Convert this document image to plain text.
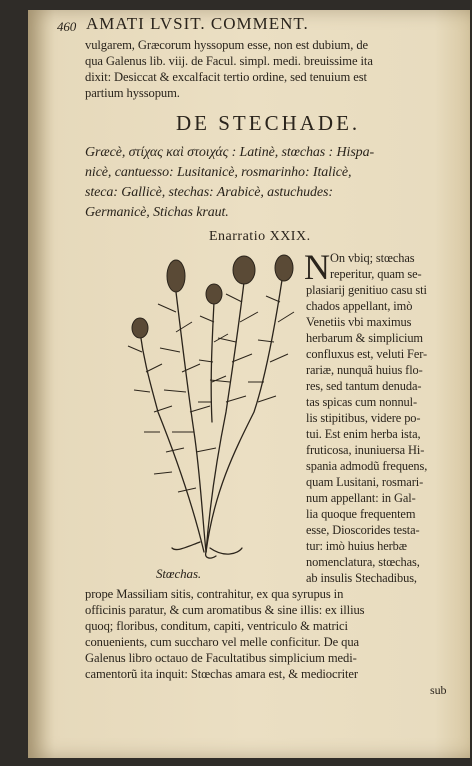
460 AMATI LVSIT. COMMENT.
vulgarem, Græcorum hyssopum esse, non est dubium, de
qua Galenus lib. viij. de Facul. simpl. medi. breuissime ita
dixit: Desiccat & excalfacit tertio ordine, sed tenuium est
partium hyssopum.
DE STECHADE.
Græcè, στίχας καὶ στοιχάς : Latinè, stœchas : Hispa-
nicè, cantuesso: Lusitanicè, rosmarinho: Italicè,
steca: Gallicè, stechas: Arabicè, astuchudes:
Germanicè, Stichas kraut.
Enarratio XXIX.
N On vbiq; stœchas
reperitur, quam se-
plasiarij genitiuo casu sti
chados appellant, imò
Venetiis vbi maximus
herbarum & simplicium
confluxus est, veluti Fer-
rariæ, nunquã huius flo-
res, sed tantum denuda-
tas spicas cum nonnul-
lis stipitibus, videre po-
tui. Est enim herba ista,
fruticosa, inuniuersa Hi-
spania admodũ frequens,
quam Lusitani, rosmari-
num appellant: in Gal-
lia quoque frequentem
esse, Dioscorides testa-
tur: imò huius herbæ
nomenclatura, stœchas,
ab insulis Stechadibus,
Stœchas.
prope Massiliam sitis, contrahitur, ex qua syrupus in
officinis paratur, & cum aromatibus & sine illis: ex illius
quoq; floribus, conditum, capiti, ventriculo & matrici
conuenients, cum succharo vel melle conficitur. De qua
Galenus libro octauo de Facultatibus simplicium medi-
camentorũ ita inquit: Stœchas amara est, & mediocriter
sub
